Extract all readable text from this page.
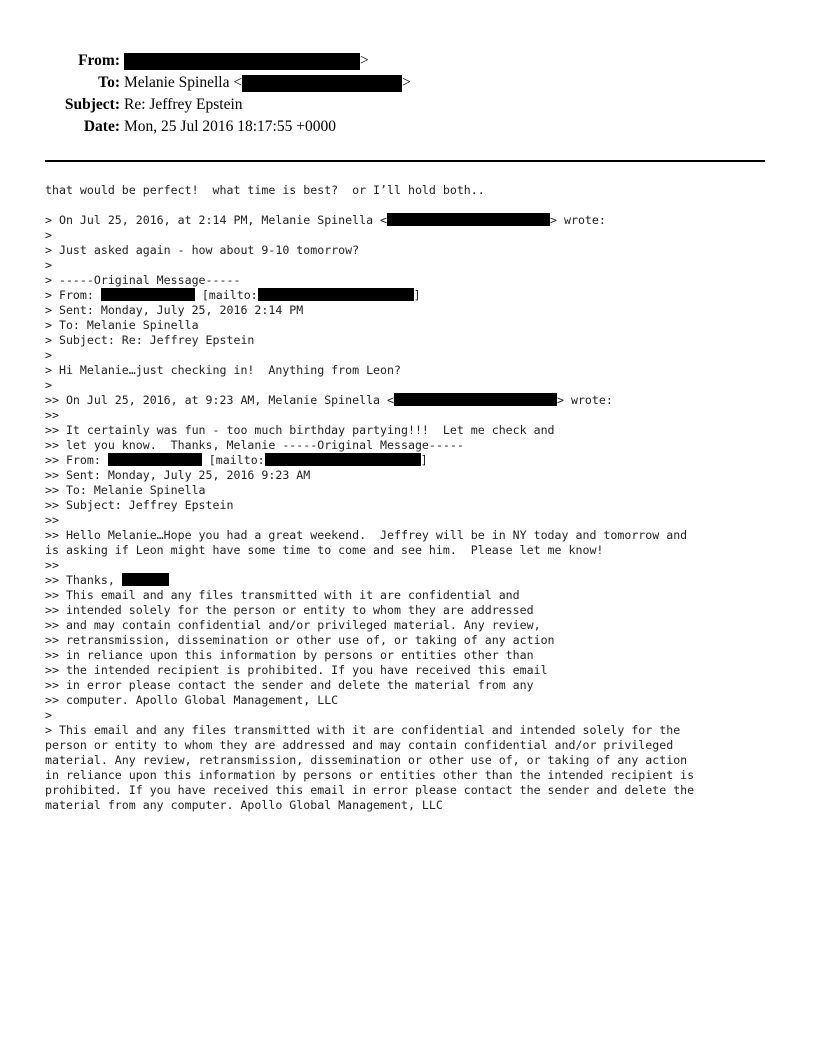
From:	>
To: Melanie Spinella <	>
Subject: Re: Jeffrey Epstein
Date: Mon, 25 Jul 2016 18:17:55 +0000
that would be perfect!  what time is best?  or I’ll hold both..
> On Jul 25, 2016, at 2:14 PM, Melanie Spinella <	> wrote:
>
> Just asked again - how about 9-10 tomorrow?
>
> -----Original Message-----
> From:	[mailto:	]
> Sent: Monday, July 25, 2016 2:14 PM
> To: Melanie Spinella
> Subject: Re: Jeffrey Epstein
>
> Hi Melanie…just checking in!  Anything from Leon?
>
>> On Jul 25, 2016, at 9:23 AM, Melanie Spinella <	> wrote:
>>
>> It certainly was fun - too much birthday partying!!!  Let me check and
>> let you know.  Thanks, Melanie -----Original Message-----
>> From:	[mailto:	]
>> Sent: Monday, July 25, 2016 9:23 AM
>> To: Melanie Spinella
>> Subject: Jeffrey Epstein
>>
>> Hello Melanie…Hope you had a great weekend.  Jeffrey will be in NY today and tomorrow and
is asking if Leon might have some time to come and see him.  Please let me know!
>>
>> Thanks,
>> This email and any files transmitted with it are confidential and
>> intended solely for the person or entity to whom they are addressed
>> and may contain confidential and/or privileged material. Any review,
>> retransmission, dissemination or other use of, or taking of any action
>> in reliance upon this information by persons or entities other than
>> the intended recipient is prohibited. If you have received this email
>> in error please contact the sender and delete the material from any
>> computer. Apollo Global Management, LLC
>
> This email and any files transmitted with it are confidential and intended solely for the
person or entity to whom they are addressed and may contain confidential and/or privileged
material. Any review, retransmission, dissemination or other use of, or taking of any action
in reliance upon this information by persons or entities other than the intended recipient is
prohibited. If you have received this email in error please contact the sender and delete the
material from any computer. Apollo Global Management, LLC
